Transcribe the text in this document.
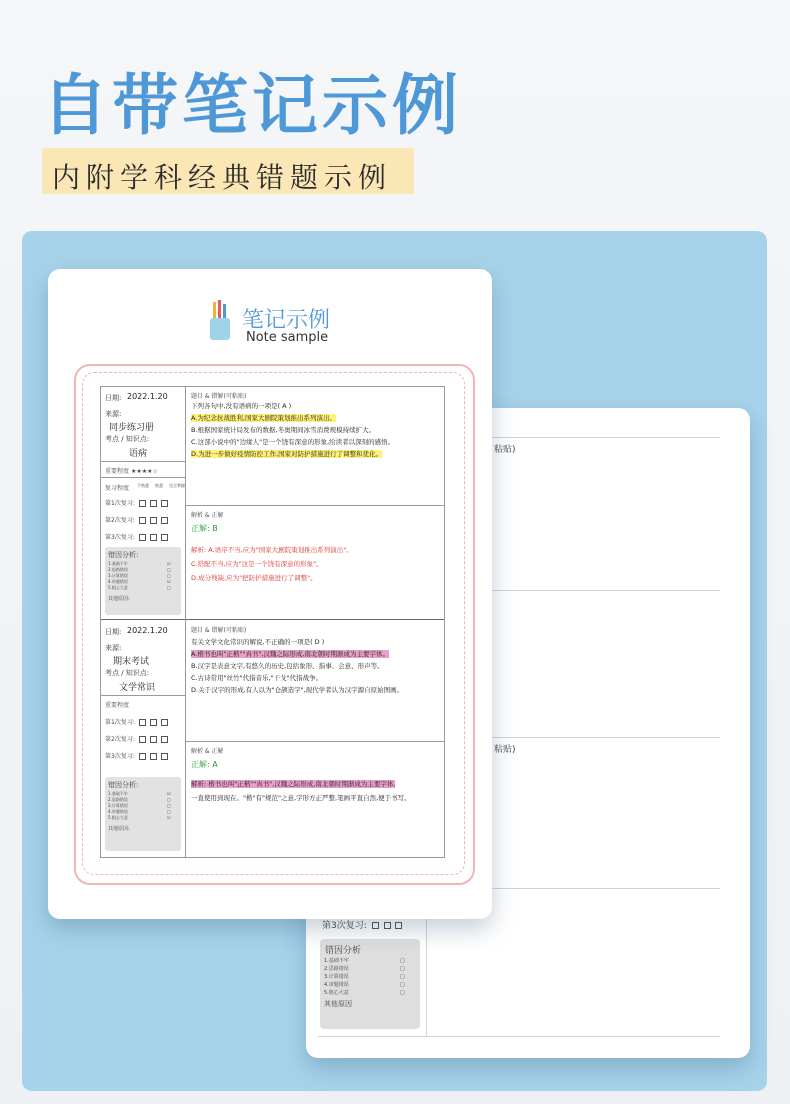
自带笔记示例
内附学科经典错题示例
粘贴)
粘贴)
第3次复习:
错因分析
1.基础不牢
2.思路错误
3.计算错误
4.审题错误
5.粗心大意
□
□
□
□
□
其他原因
笔记示例
Note sample
日期: 2022.1.20
来源:
同步练习册
考点 / 知识点:
语病
重要程度 ★★★★☆
复习程度 不熟悉 熟悉 完全掌握
第1次复习:
第2次复习:
第3次复习:
错因分析:
1.基础不牢
2.思路错误
3.计算错误
4.审题错误
5.粗心大意
☑
□
□
☑
□
其他原因:
题目 & 错解(可粘贴)
下列各句中,没有语病的一项是( A )
A.为纪念抗战胜利,国家大剧院策划推出系列演出。
B.根据国家统计局发布的数据,冬奥期间冰雪消费规模持续扩大。
C.这部小说中的"边缘人"是一个饶有深意的形象,给读者以深刻的感悟。
D.为进一步做好疫情防控工作,国家对防护措施进行了调整和优化。
解析 & 正解
正解: B
解析: A.语序不当,应为"国家大剧院策划推出系列演出"。
C.搭配不当,应为"这是一个饶有深意的形象"。
D.成分残缺,应为"把防护措施进行了调整"。
日期: 2022.1.20
来源:
期末考试
考点 / 知识点:
文学常识
重要程度
第1次复习:
第2次复习:
第3次复习:
错因分析:
1.基础不牢
2.思路错误
3.计算错误
4.审题错误
5.粗心大意
☑
□
□
□
☑
其他原因:
题目 & 错解(可粘贴)
有关文学文化常识的解说,不正确的一项是( D )
A.楷书也叫"正楷""真书",汉魏之际形成,南北朝时期渐成为主要字体。
B.汉字是表意文字,有悠久的历史,包括象形、指事、会意、形声等。
C.古诗常用"丝竹"代指音乐,"干戈"代指战争。
D.关于汉字的形成,有人以为"仓颉造字",现代学者认为汉字源自原始图画。
解析 & 正解
正解: A
解析: 楷书也叫"正楷""真书",汉魏之际形成,南北朝时期渐成为主要字体,
一直使用到现在。"楷"有"规范"之意,字形方正严整,笔画平直自然,便于书写。
